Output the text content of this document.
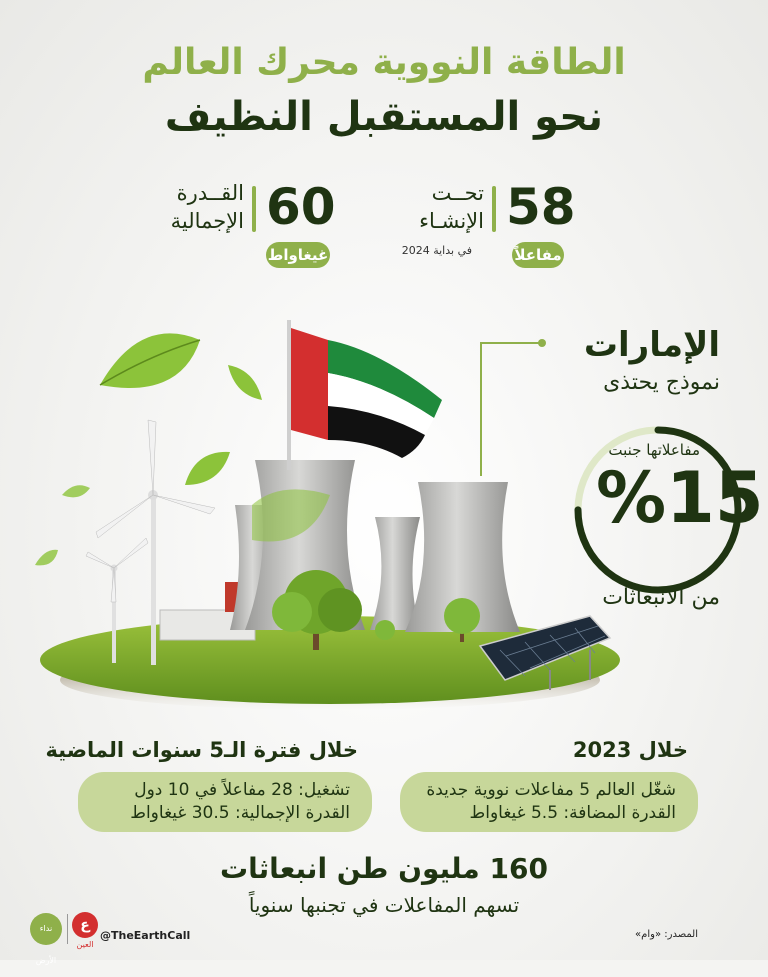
الطاقة النووية محرك العالم
نحو المستقبل النظيف
58
تحــت
الإنشـاء
في بداية 2024	مفاعلاً
60
القــدرة
الإجمالية
غيغاواط
الإمارات
نموذج يحتذى
مفاعلاتها جنبت
%15
من الانبعاثات
خلال 2023
شغّل العالم 5 مفاعلات نووية جديدة
القدرة المضافة: 5.5 غيغاواط
خلال فترة الـ5 سنوات الماضية
تشغيل: 28 مفاعلاً في 10 دول
القدرة الإجمالية: 30.5 غيغاواط
160 مليون طن انبعاثات
تسهم المفاعلات في تجنبها سنوياً
نداء الأرض
ع
العين
@TheEarthCall	المصدر: «وام»
